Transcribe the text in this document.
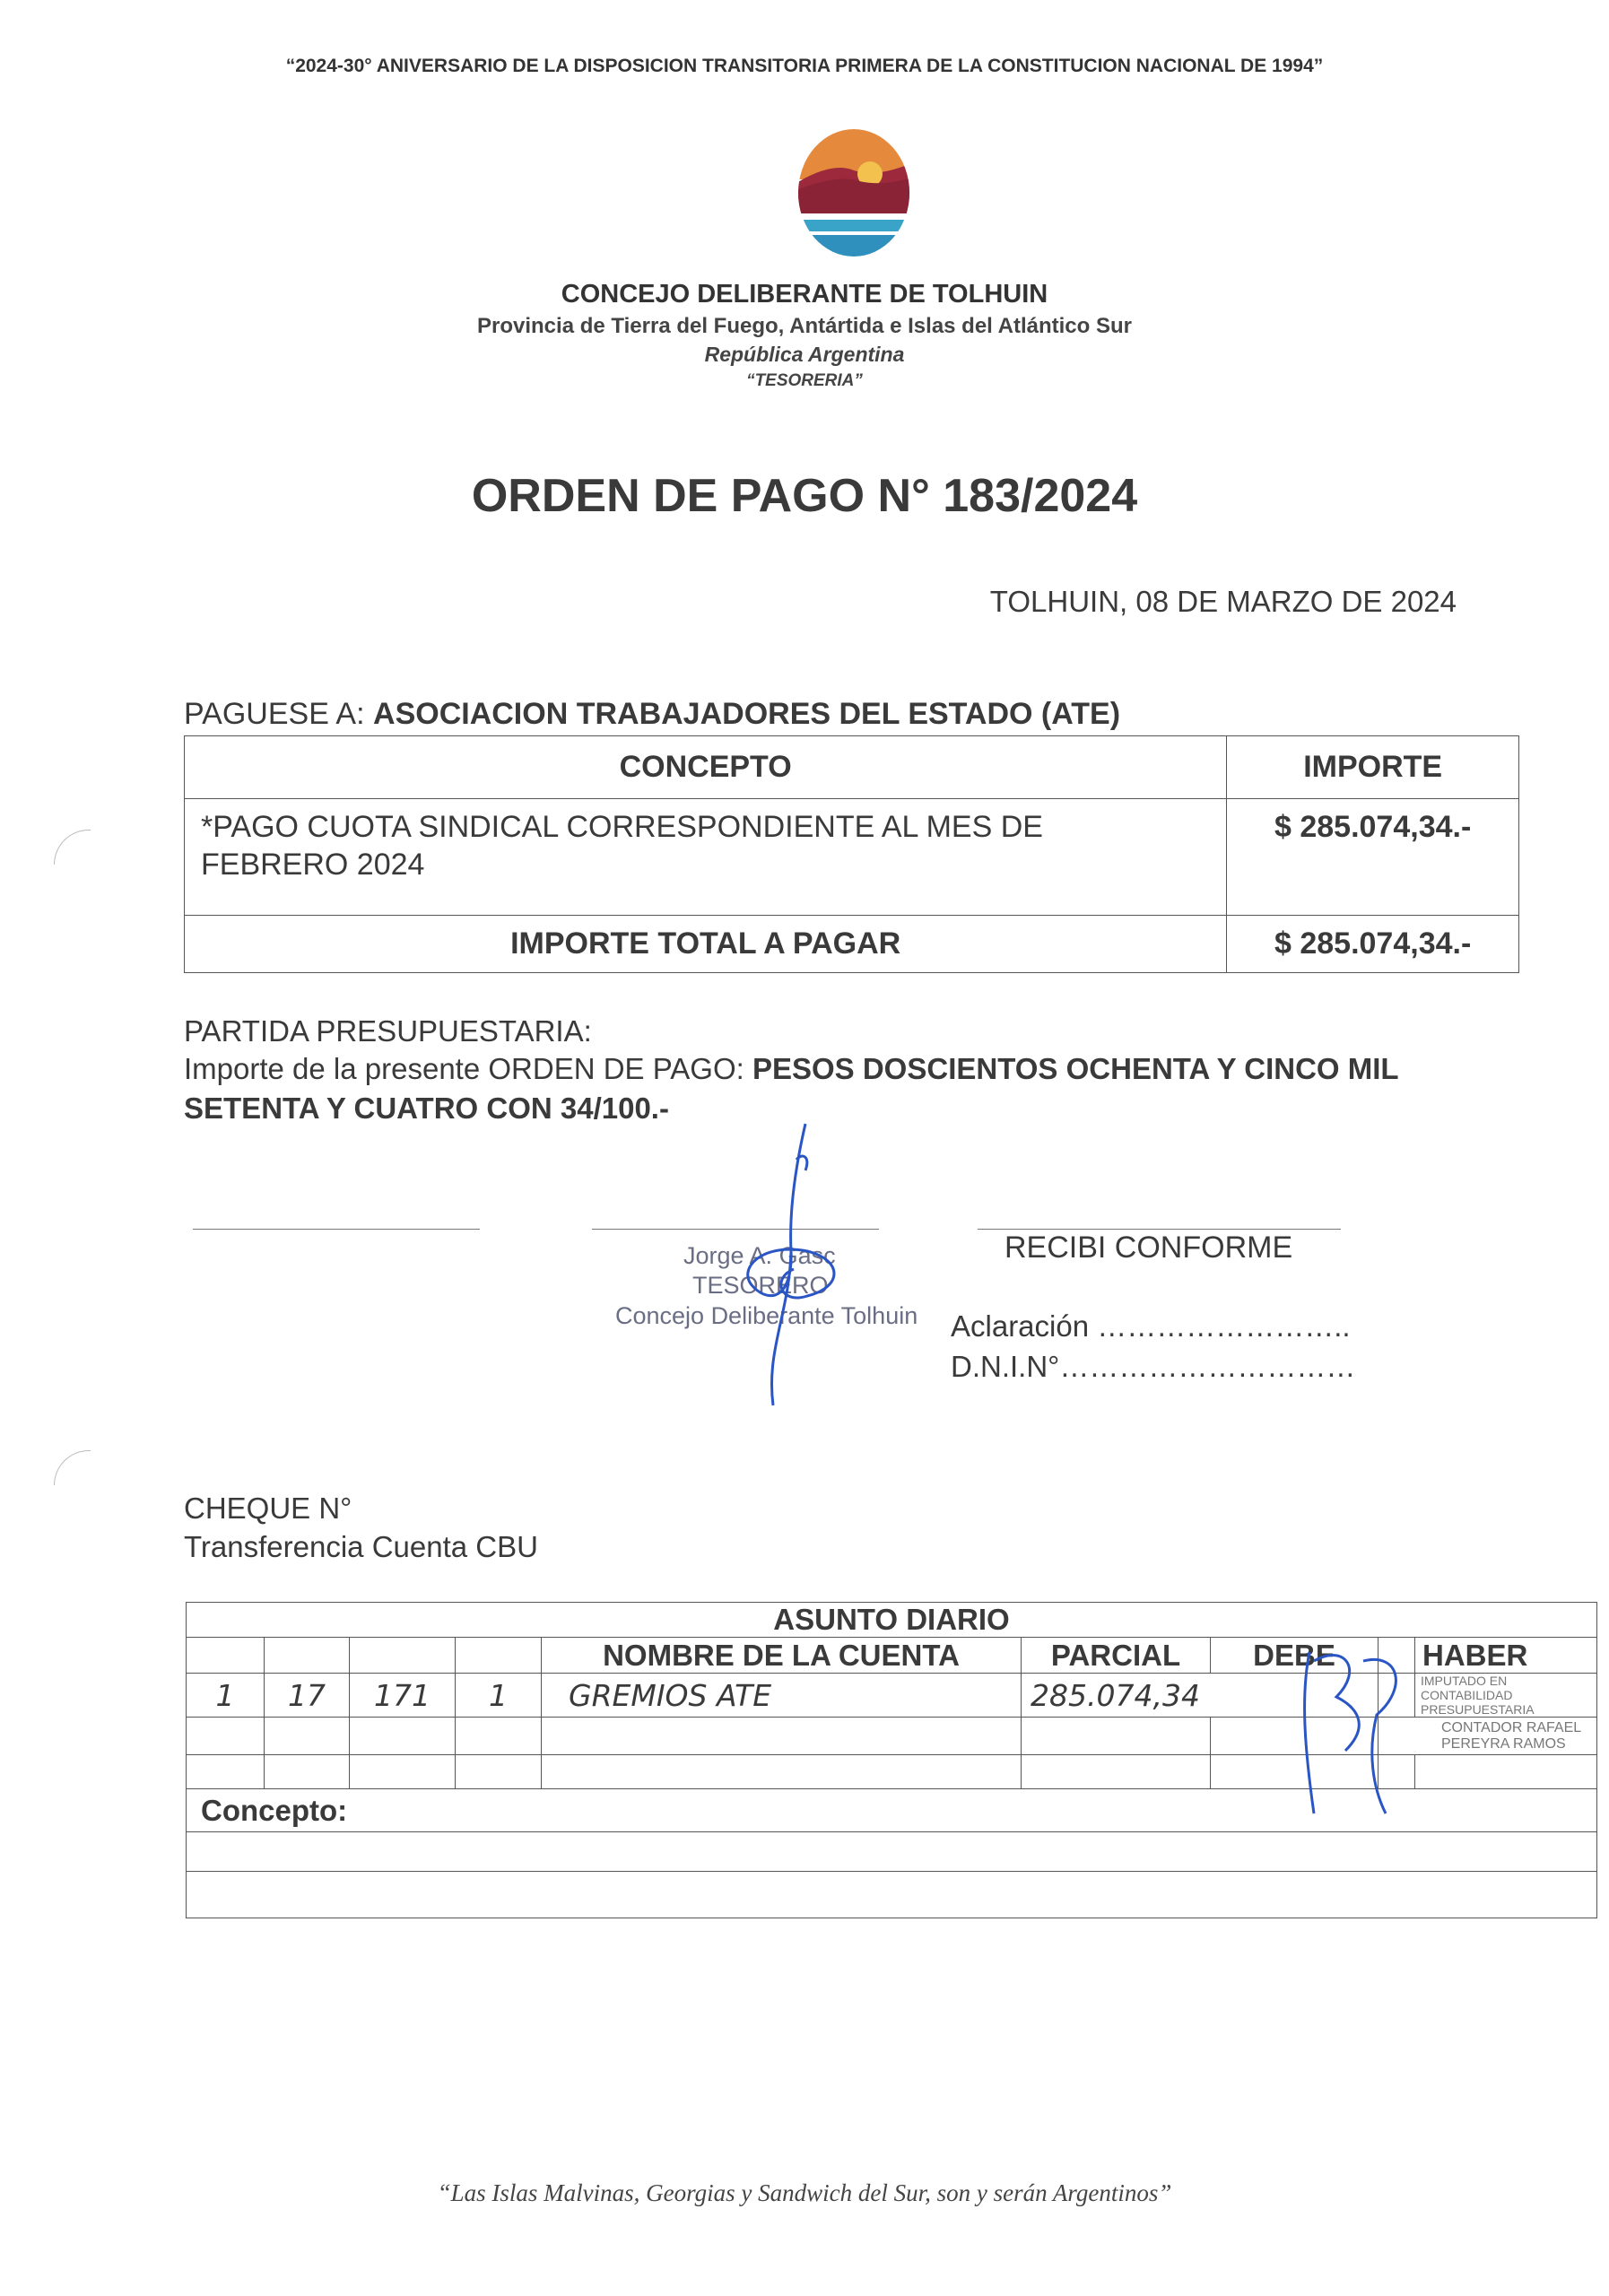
“2024-30° ANIVERSARIO DE LA DISPOSICION TRANSITORIA PRIMERA DE LA CONSTITUCION NACIONAL DE 1994”
CONCEJO DELIBERANTE DE TOLHUIN
Provincia de Tierra del Fuego, Antártida e Islas del Atlántico Sur
República Argentina
“TESORERIA”
ORDEN DE PAGO N° 183/2024
TOLHUIN, 08 DE MARZO DE 2024
PAGUESE A: ASOCIACION TRABAJADORES DEL ESTADO (ATE)
CONCEPTO	IMPORTE

*PAGO CUOTA SINDICAL CORRESPONDIENTE AL MES DE
FEBRERO 2024	$ 285.074,34.-
IMPORTE TOTAL A PAGAR	$ 285.074,34.-
PARTIDA PRESUPUESTARIA:
Importe de la presente ORDEN DE PAGO: PESOS DOSCIENTOS OCHENTA Y CINCO MIL SETENTA Y CUATRO CON 34/100.-
Jorge A. Gasc
TESORERO
Concejo Deliberante Tolhuin
RECIBI CONFORME
Aclaración ……………………..
D.N.I.N°…………………………
CHEQUE N°
Transferencia Cuenta CBU
ASUNTO DIARIO								
				NOMBRE DE LA CUENTA	PARCIAL	DEBE		HABER
1	17	171	1	GREMIOS ATE	285.074,34			IMPUTADO EN
CONTABILIDAD PRESUPUESTARIA

							CONTADOR RAFAEL PEREYRA RAMOS	

Concepto:								

“Las Islas Malvinas, Georgias y Sandwich del Sur, son y serán Argentinos”
